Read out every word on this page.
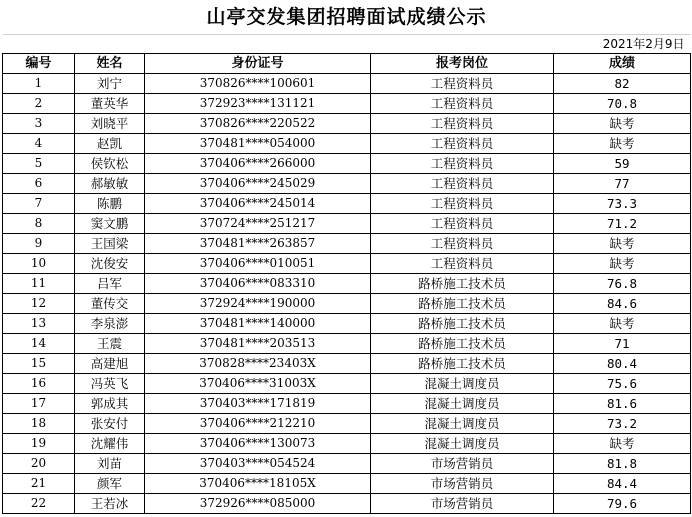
山亭交发集团招聘面试成绩公示				
				2021年2月9日
编号	姓名	身份证号	报考岗位	成绩
1	刘宁	370826****100601	工程资料员	82
2	董英华	372923****131121	工程资料员	70.8
3	刘晓平	370826****220522	工程资料员	缺考
4	赵凯	370481****054000	工程资料员	缺考
5	侯钦松	370406****266000	工程资料员	59
6	郝敏敏	370406****245029	工程资料员	77
7	陈鹏	370406****245014	工程资料员	73.3
8	窦文鹏	370724****251217	工程资料员	71.2
9	王国梁	370481****263857	工程资料员	缺考
10	沈俊安	370406****010051	工程资料员	缺考
11	吕军	370406****083310	路桥施工技术员	76.8
12	董传交	372924****190000	路桥施工技术员	84.6
13	李泉澎	370481****140000	路桥施工技术员	缺考
14	王震	370481****203513	路桥施工技术员	71
15	高建旭	370828****23403X	路桥施工技术员	80.4
16	冯英飞	370406****31003X	混凝土调度员	75.6
17	郭成其	370403****171819	混凝土调度员	81.6
18	张安付	370406****212210	混凝土调度员	73.2
19	沈耀伟	370406****130073	混凝土调度员	缺考
20	刘苗	370403****054524	市场营销员	81.8
21	颜军	370406****18105X	市场营销员	84.4
22	王若冰	372926****085000	市场营销员	79.6
